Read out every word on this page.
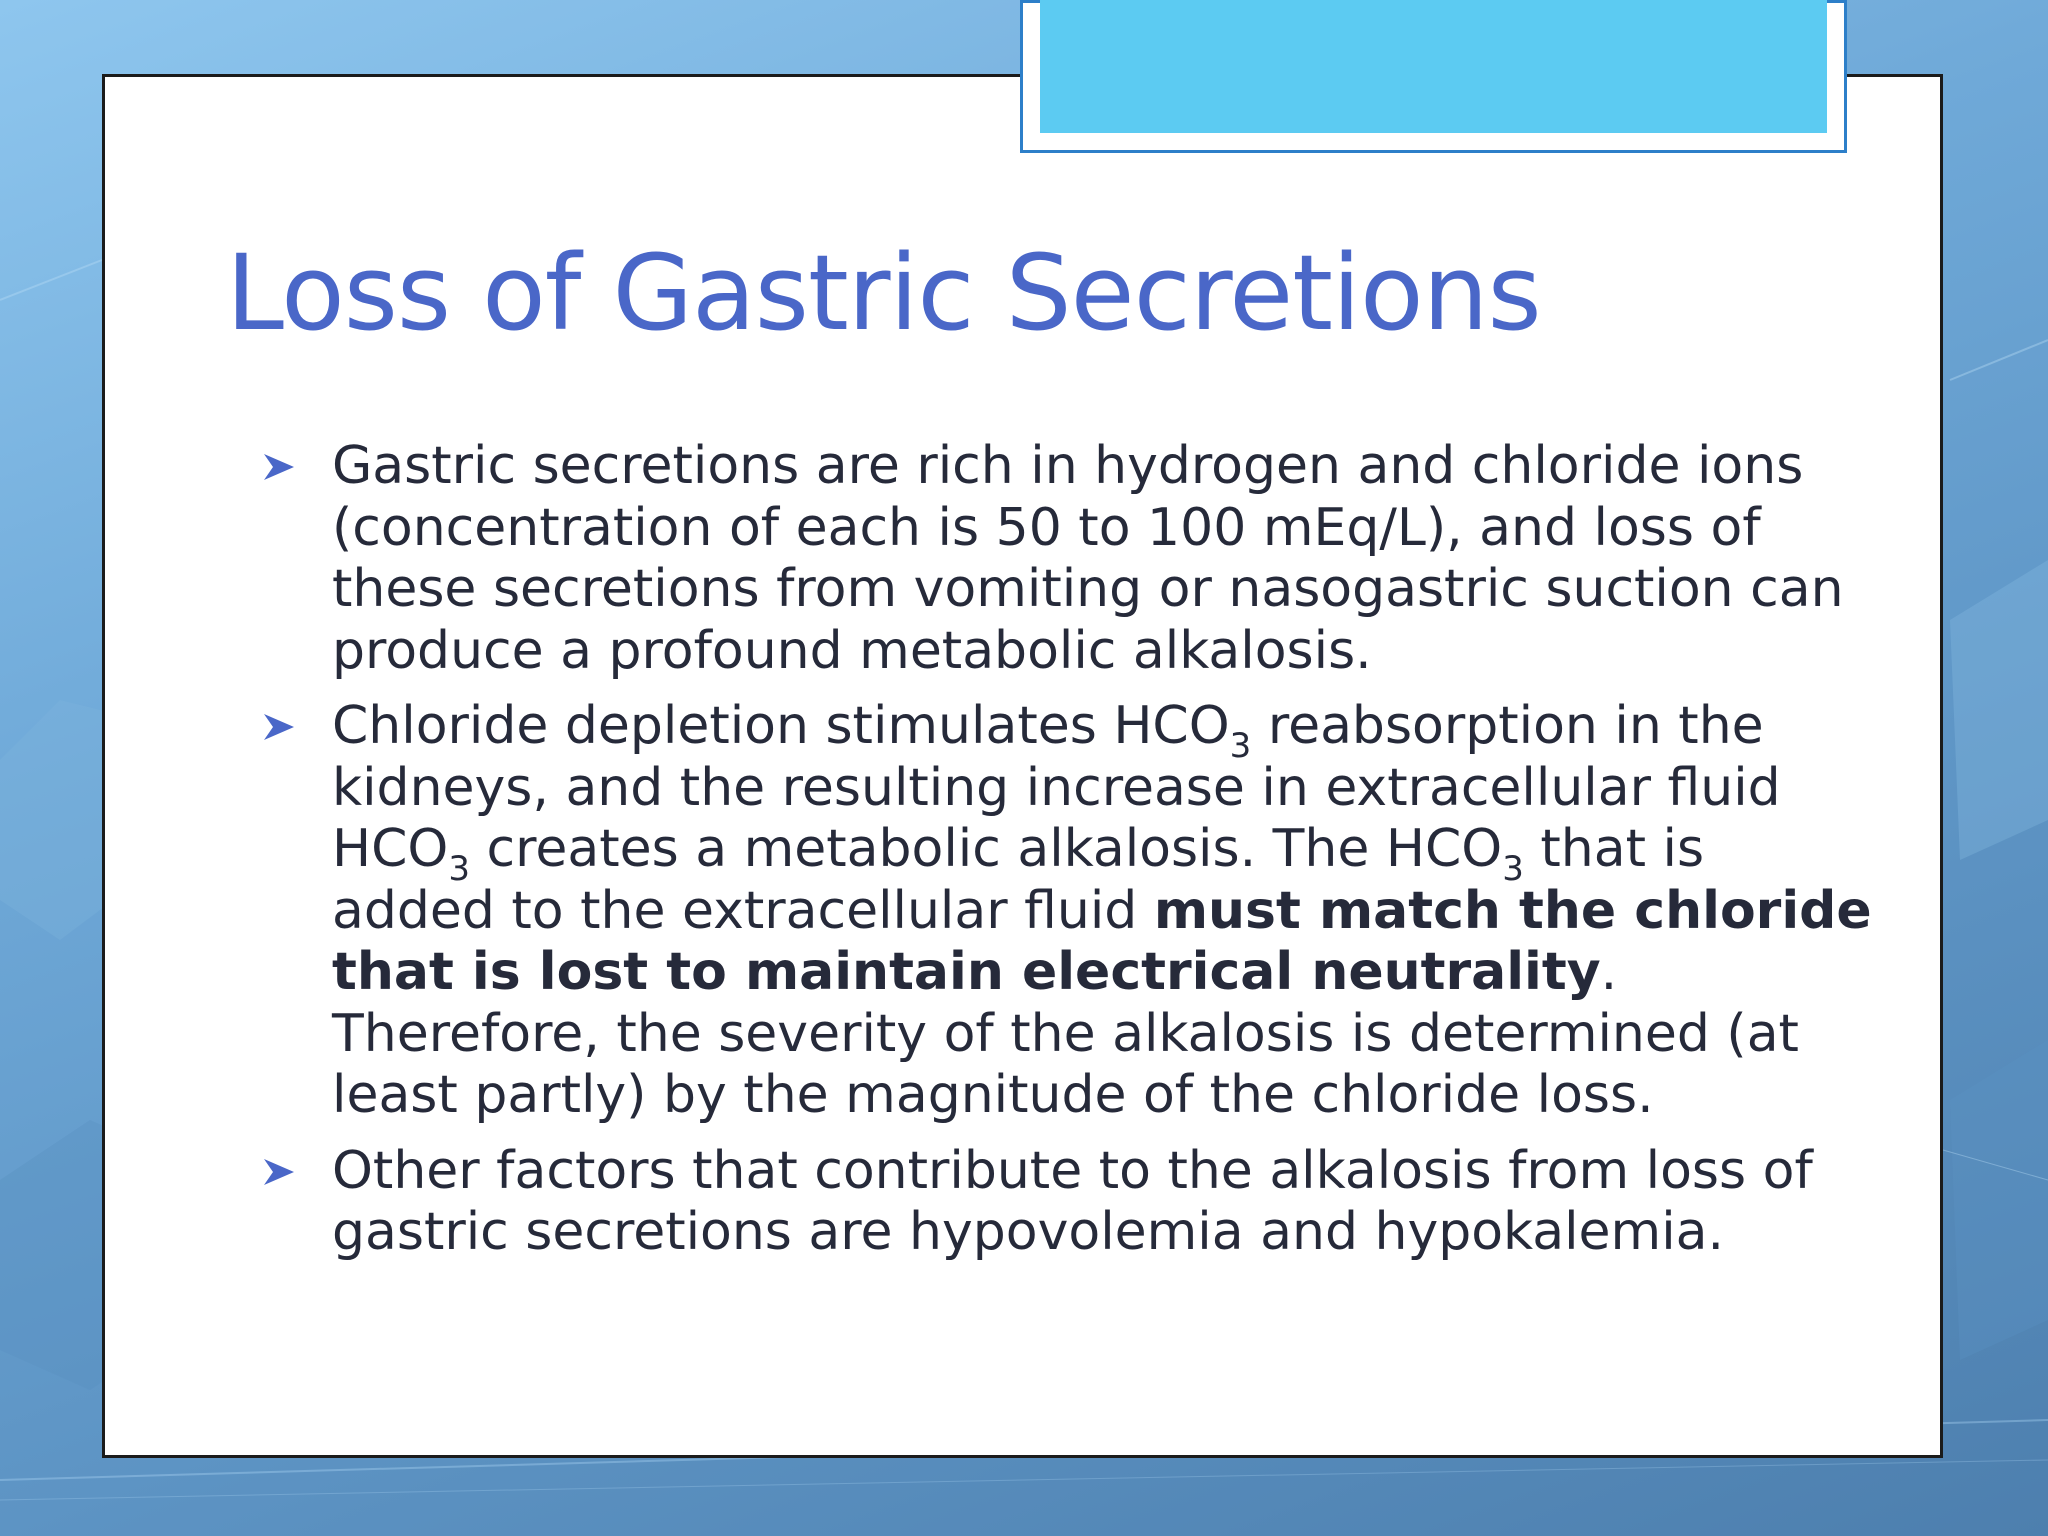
Loss of Gastric Secretions
Gastric secretions are rich in hydrogen and chloride ions (concentration of each is 50 to 100 mEq/L), and loss of these secretions from vomiting or nasogastric suction can produce a profound metabolic alkalosis.
Chloride depletion stimulates $HCO_3$ reabsorption in the kidneys, and the resulting increase in extracellular fluid $HCO_3$ creates a metabolic alkalosis. The $HCO_3$ that is added to the extracellular fluid must match the chloride that is lost to maintain electrical neutrality. Therefore, the severity of the alkalosis is determined (at least partly) by the magnitude of the chloride loss.
Other factors that contribute to the alkalosis from loss of gastric secretions are hypovolemia and hypokalemia.
